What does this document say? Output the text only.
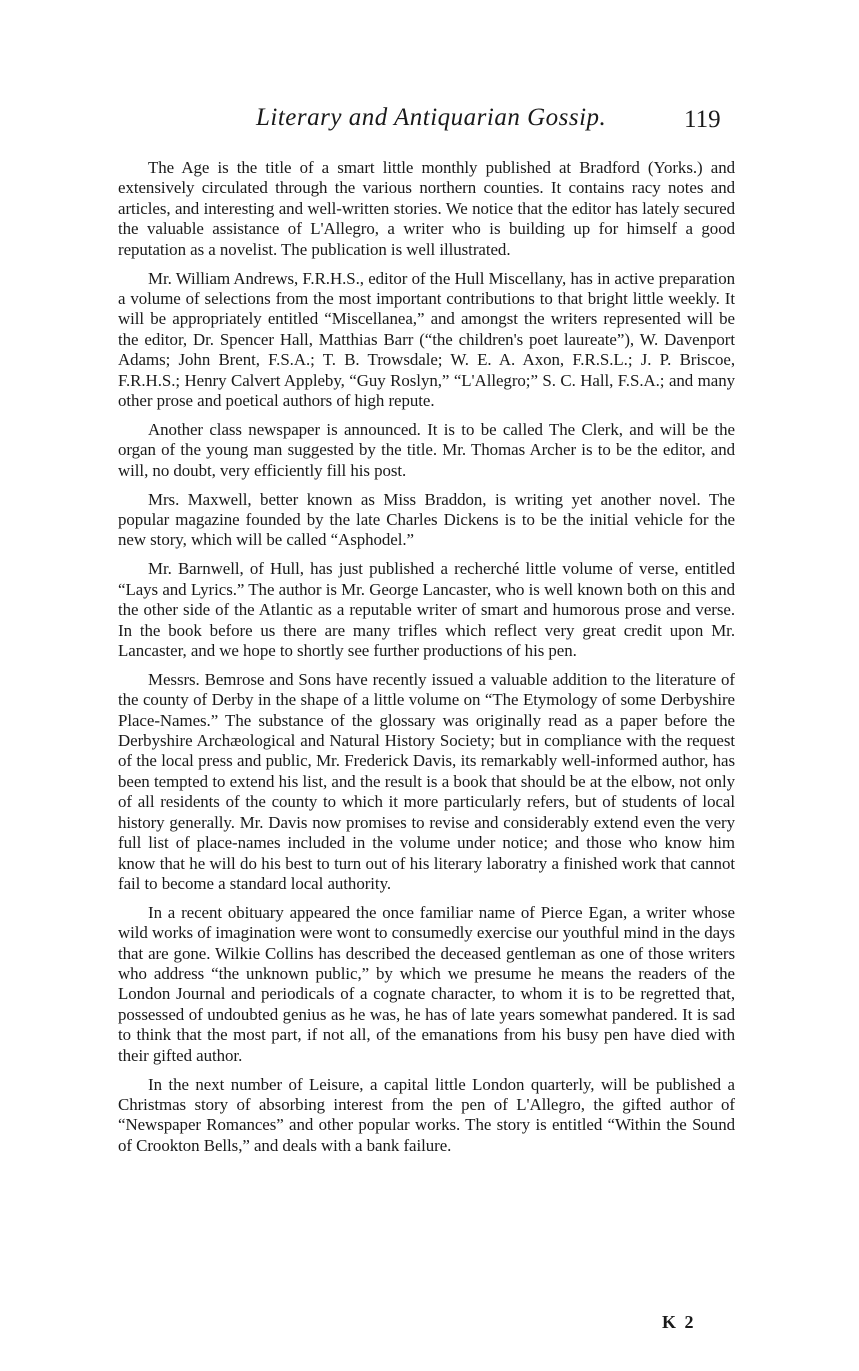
Literary and Antiquarian Gossip.	119

The Age is the title of a smart little monthly published at Bradford (Yorks.) and extensively circulated through the various northern counties. It contains racy notes and articles, and interesting and well-written stories. We notice that the editor has lately secured the valuable assistance of L'Allegro, a writer who is building up for himself a good reputation as a novelist. The publication is well illustrated.

Mr. William Andrews, F.R.H.S., editor of the Hull Miscellany, has in active preparation a volume of selections from the most important contributions to that bright little weekly. It will be appropriately entitled “Miscellanea,” and amongst the writers represented will be the editor, Dr. Spencer Hall, Matthias Barr (“the children's poet laureate”), W. Davenport Adams; John Brent, F.S.A.; T. B. Trowsdale; W. E. A. Axon, F.R.S.L.; J. P. Briscoe, F.R.H.S.; Henry Calvert Appleby, “Guy Roslyn,” “L'Allegro;” S. C. Hall, F.S.A.; and many other prose and poetical authors of high repute.

Another class newspaper is announced. It is to be called The Clerk, and will be the organ of the young man suggested by the title. Mr. Thomas Archer is to be the editor, and will, no doubt, very efficiently fill his post.

Mrs. Maxwell, better known as Miss Braddon, is writing yet another novel. The popular magazine founded by the late Charles Dickens is to be the initial vehicle for the new story, which will be called “Asphodel.”

Mr. Barnwell, of Hull, has just published a recherché little volume of verse, entitled “Lays and Lyrics.” The author is Mr. George Lancaster, who is well known both on this and the other side of the Atlantic as a reputable writer of smart and humorous prose and verse. In the book before us there are many trifles which reflect very great credit upon Mr. Lancaster, and we hope to shortly see further productions of his pen.

Messrs. Bemrose and Sons have recently issued a valuable addition to the literature of the county of Derby in the shape of a little volume on “The Etymology of some Derbyshire Place-Names.” The substance of the glossary was originally read as a paper before the Derbyshire Archæological and Natural History Society; but in compliance with the request of the local press and public, Mr. Frederick Davis, its remarkably well-informed author, has been tempted to extend his list, and the result is a book that should be at the elbow, not only of all residents of the county to which it more particularly refers, but of students of local history generally. Mr. Davis now promises to revise and considerably extend even the very full list of place-names included in the volume under notice; and those who know him know that he will do his best to turn out of his literary laboratry a finished work that cannot fail to become a standard local authority.

In a recent obituary appeared the once familiar name of Pierce Egan, a writer whose wild works of imagination were wont to consumedly exercise our youthful mind in the days that are gone. Wilkie Collins has described the deceased gentleman as one of those writers who address “the unknown public,” by which we presume he means the readers of the London Journal and periodicals of a cognate character, to whom it is to be regretted that, possessed of undoubted genius as he was, he has of late years somewhat pandered. It is sad to think that the most part, if not all, of the emanations from his busy pen have died with their gifted author.

In the next number of Leisure, a capital little London quarterly, will be published a Christmas story of absorbing interest from the pen of L'Allegro, the gifted author of “Newspaper Romances” and other popular works. The story is entitled “Within the Sound of Crookton Bells,” and deals with a bank failure.

K 2
